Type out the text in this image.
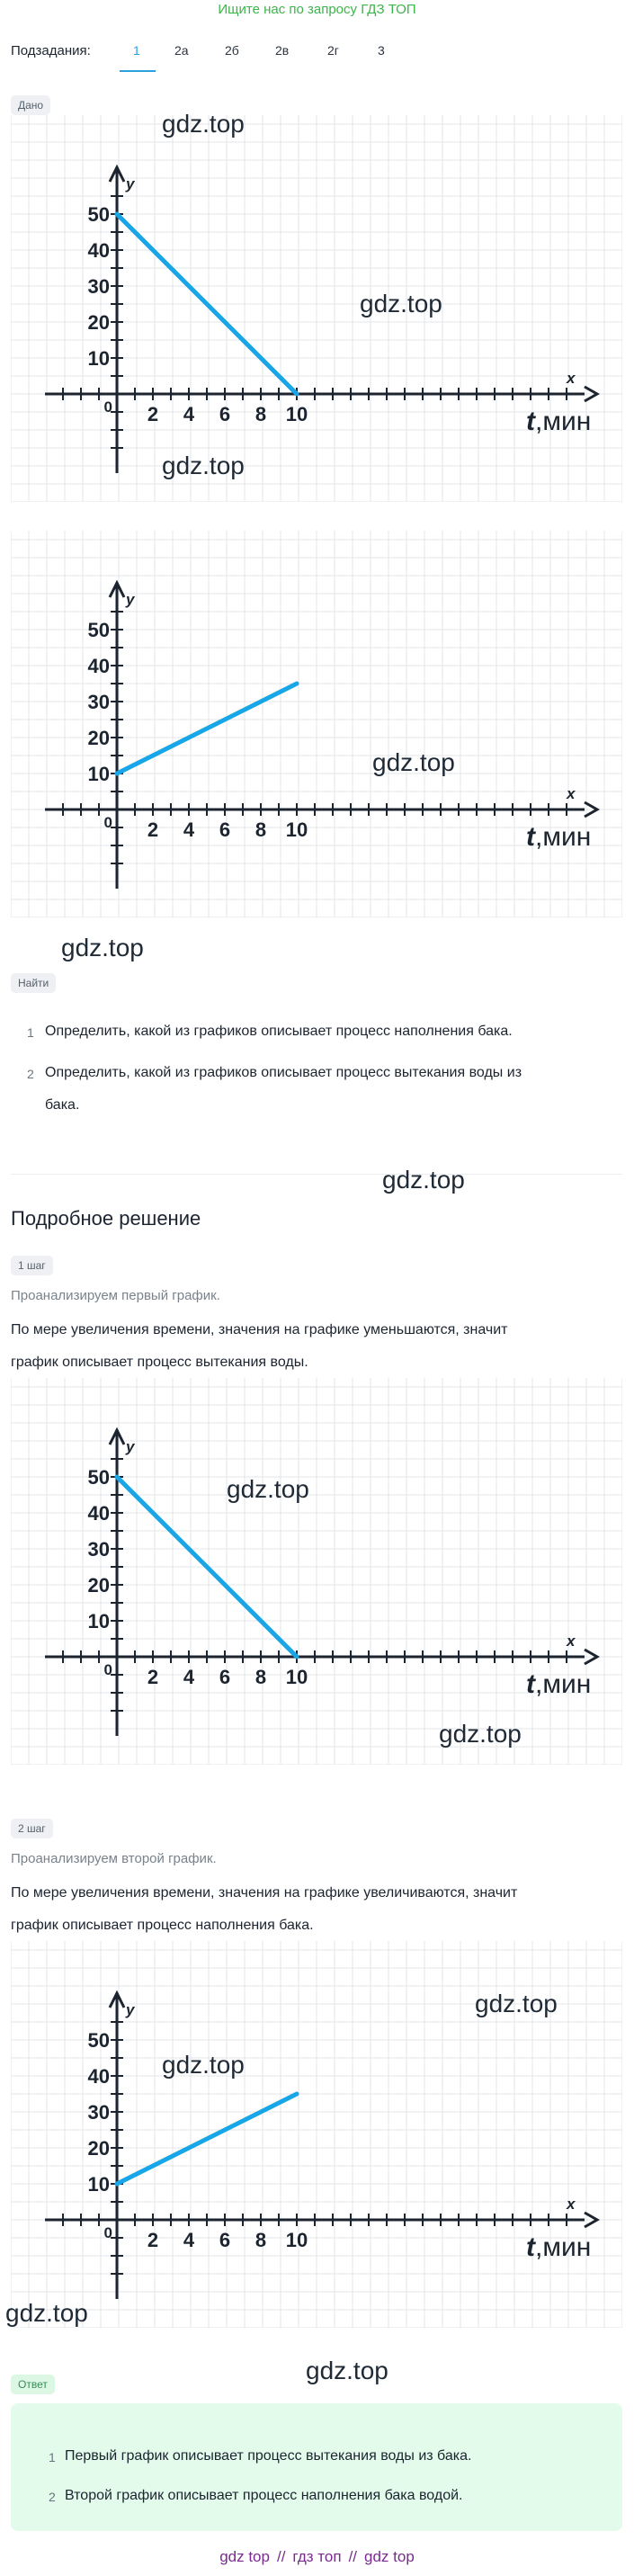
Ищите нас по запросу ГДЗ ТОП
Подзадания:	1	2а	2б	2в	2г	3
Дано
2 4 6 8 10
50
40
30
20
10
0
y
x
t,мин
gdz.top
gdz.top
gdz.top
2 4 6 8 10
50
40
30
20
10
0
y
x
t,мин
gdz.top
gdz.top
Найти
1 Определить, какой из графиков описывает процесс наполнения бака.
2 Определить, какой из графиков описывает процесс вытекания воды из
бака.
gdz.top
Подробное решение
1 шаг
Проанализируем первый график.
По мере увеличения времени, значения на графике уменьшаются, значит
график описывает процесс вытекания воды.
2 4 6 8 10
50
40
30
20
10
0
y
x
t,мин
gdz.top
gdz.top
2 шаг
Проанализируем второй график.
По мере увеличения времени, значения на графике увеличиваются, значит
график описывает процесс наполнения бака.
2 4 6 8 10
50
40
30
20
10
0
y
x
t,мин
gdz.top
gdz.top
gdz.top
gdz.top
Ответ
1 Первый график описывает процесс вытекания воды из бака.
2 Второй график описывает процесс наполнения бака водой.
gdz top // гдз топ // gdz top
